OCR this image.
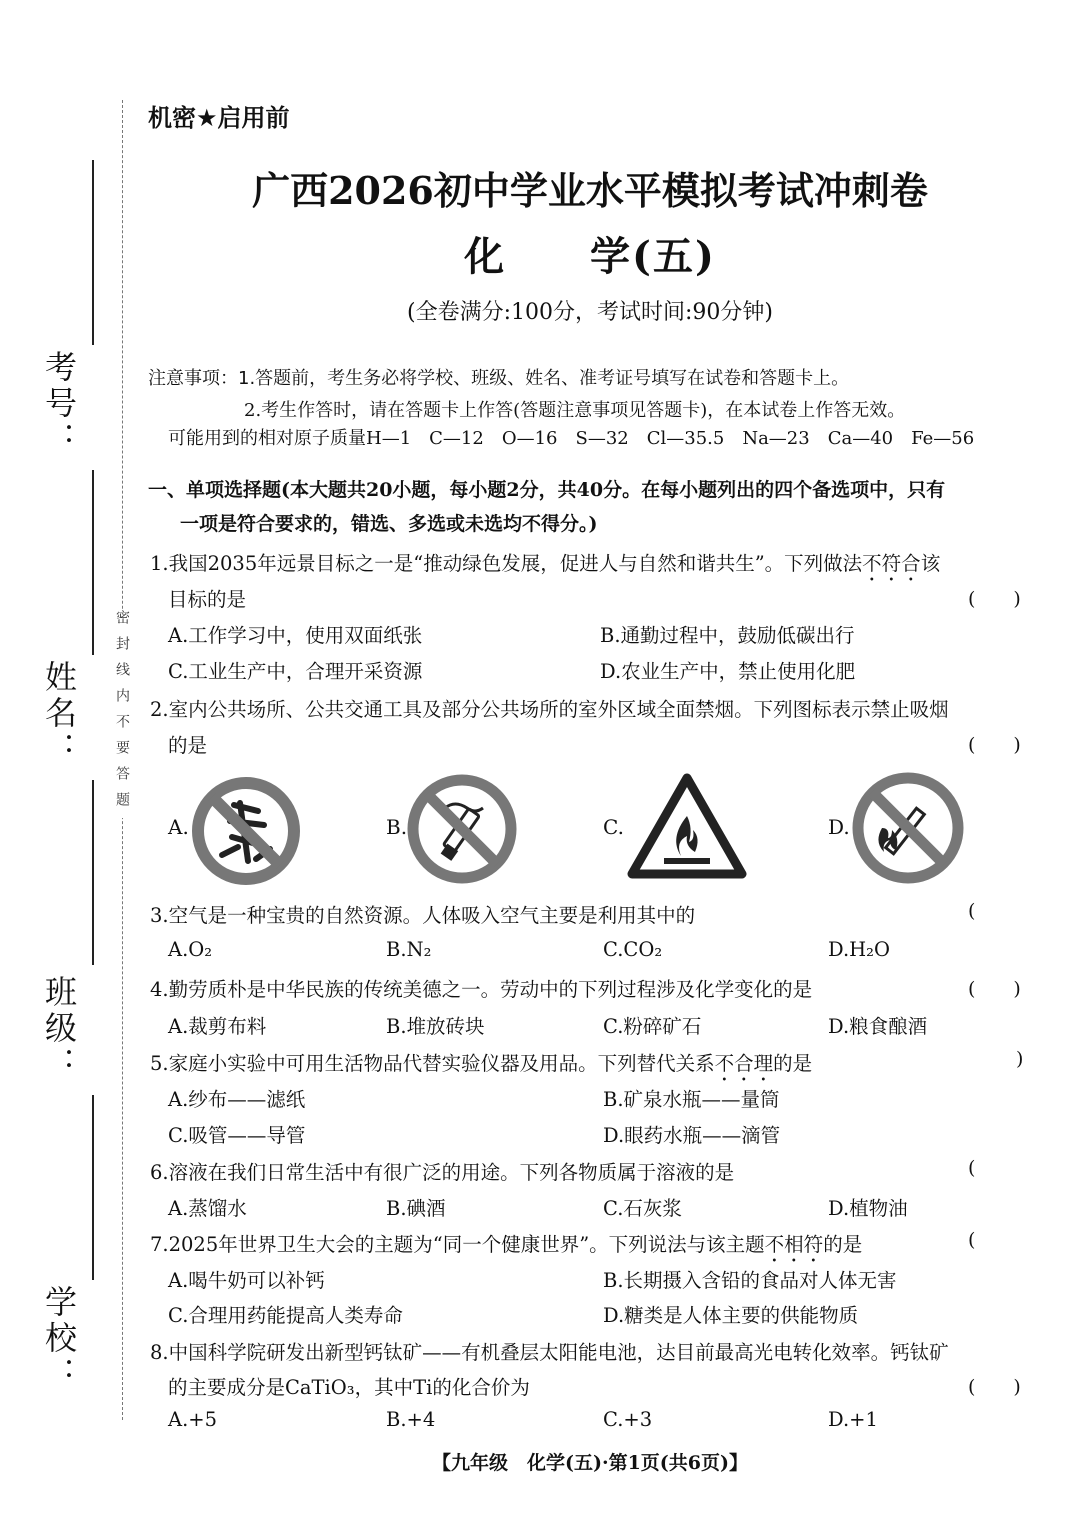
考号：
姓名：
班级：
学校：
密封线内不要答题
机密★启用前
广西2026初中学业水平模拟考试冲刺卷
化　　学(五)
(全卷满分:100分，考试时间:90分钟)
注意事项：1.答题前，考生务必将学校、班级、姓名、准考证号填写在试卷和答题卡上。
2.考生作答时，请在答题卡上作答(答题注意事项见答题卡)，在本试卷上作答无效。
可能用到的相对原子质量H—1　C—12　O—16　S—32　Cl—35.5　Na—23　Ca—40　Fe—56
一、单项选择题(本大题共20小题，每小题2分，共40分。在每小题列出的四个备选项中，只有
一项是符合要求的，错选、多选或未选均不得分。)
1.我国2035年远景目标之一是“推动绿色发展，促进人与自然和谐共生”。下列做法不符合该
目标的是	(　　)
A.工作学习中，使用双面纸张	B.通勤过程中，鼓励低碳出行
C.工业生产中，合理开采资源	D.农业生产中，禁止使用化肥
2.室内公共场所、公共交通工具及部分公共场所的室外区域全面禁烟。下列图标表示禁止吸烟
的是	(　　)
A.	B.	C.	D.
3.空气是一种宝贵的自然资源。人体吸入空气主要是利用其中的	(
A.O₂	B.N₂	C.CO₂	D.H₂O
4.勤劳质朴是中华民族的传统美德之一。劳动中的下列过程涉及化学变化的是	(　　)
A.裁剪布料	B.堆放砖块	C.粉碎矿石	D.粮食酿酒
5.家庭小实验中可用生活物品代替实验仪器及用品。下列替代关系不合理的是	)
A.纱布——滤纸	B.矿泉水瓶——量筒
C.吸管——导管	D.眼药水瓶——滴管
6.溶液在我们日常生活中有很广泛的用途。下列各物质属于溶液的是	(
A.蒸馏水	B.碘酒	C.石灰浆	D.植物油
7.2025年世界卫生大会的主题为“同一个健康世界”。下列说法与该主题不相符的是	(
A.喝牛奶可以补钙	B.长期摄入含铅的食品对人体无害
C.合理用药能提高人类寿命	D.糖类是人体主要的供能物质
8.中国科学院研发出新型钙钛矿——有机叠层太阳能电池，达目前最高光电转化效率。钙钛矿
的主要成分是CaTiO₃，其中Ti的化合价为	(　　)
A.+5	B.+4	C.+3	D.+1
【九年级　化学(五)·第1页(共6页)】
